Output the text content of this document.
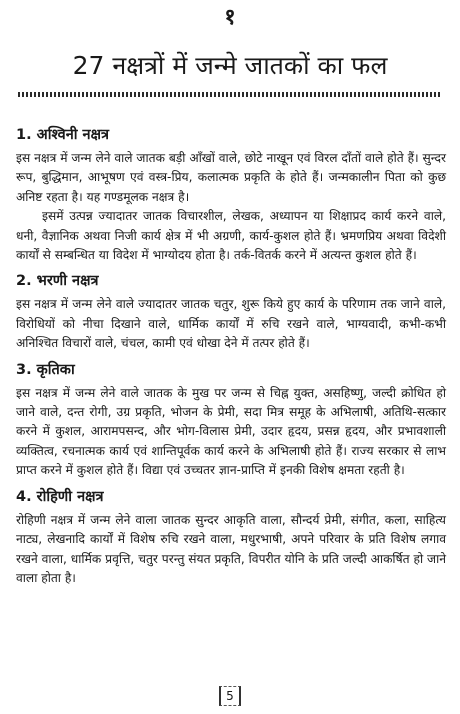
१
27 नक्षत्रों में जन्मे जातकों का फल
1. अश्विनी नक्षत्र

इस नक्षत्र में जन्म लेने वाले जातक बड़ी आँखों वाले, छोटे नाखून एवं विरल दाँतों वाले होते हैं। सुन्दर रूप, बुद्धिमान, आभूषण एवं वस्त्र-प्रिय, कलात्मक प्रकृति के होते हैं। जन्मकालीन पिता को कुछ अनिष्ट रहता है। यह गण्डमूलक नक्षत्र है।

इसमें उत्पन्न ज्यादातर जातक विचारशील, लेखक, अध्यापन या शिक्षाप्रद कार्य करने वाले, धनी, वैज्ञानिक अथवा निजी कार्य क्षेत्र में भी अग्रणी, कार्य-कुशल होते हैं। भ्रमणप्रिय अथवा विदेशी कार्यों से सम्बन्धित या विदेश में भाग्योदय होता है। तर्क-वितर्क करने में अत्यन्त कुशल होते हैं।

2. भरणी नक्षत्र

इस नक्षत्र में जन्म लेने वाले ज्यादातर जातक चतुर, शुरू किये हुए कार्य के परिणाम तक जाने वाले, विरोधियों को नीचा दिखाने वाले, धार्मिक कार्यों में रुचि रखने वाले, भाग्यवादी, कभी-कभी अनिश्चित विचारों वाले, चंचल, कामी एवं धोखा देने में तत्पर होते हैं।

3. कृतिका

इस नक्षत्र में जन्म लेने वाले जातक के मुख पर जन्म से चिह्न युक्त, असहिष्णु, जल्दी क्रोधित हो जाने वाले, दन्त रोगी, उग्र प्रकृति, भोजन के प्रेमी, सदा मित्र समूह के अभिलाषी, अतिथि-सत्कार करने में कुशल, आरामपसन्द, और भोग-विलास प्रेमी, उदार हृदय, प्रसन्न हृदय, और प्रभावशाली व्यक्तित्व, रचनात्मक कार्य एवं शान्तिपूर्वक कार्य करने के अभिलाषी होते हैं। राज्य सरकार से लाभ प्राप्त करने में कुशल होते हैं। विद्या एवं उच्चतर ज्ञान-प्राप्ति में इनकी विशेष क्षमता रहती है।

4. रोहिणी नक्षत्र

रोहिणी नक्षत्र में जन्म लेने वाला जातक सुन्दर आकृति वाला, सौन्दर्य प्रेमी, संगीत, कला, साहित्य नाट्य, लेखनादि कार्यों में विशेष रुचि रखने वाला, मधुरभाषी, अपने परिवार के प्रति विशेष लगाव रखने वाला, धार्मिक प्रवृत्ति, चतुर परन्तु संयत प्रकृति, विपरीत योनि के प्रति जल्दी आकर्षित हो जाने वाला होता है।

5
